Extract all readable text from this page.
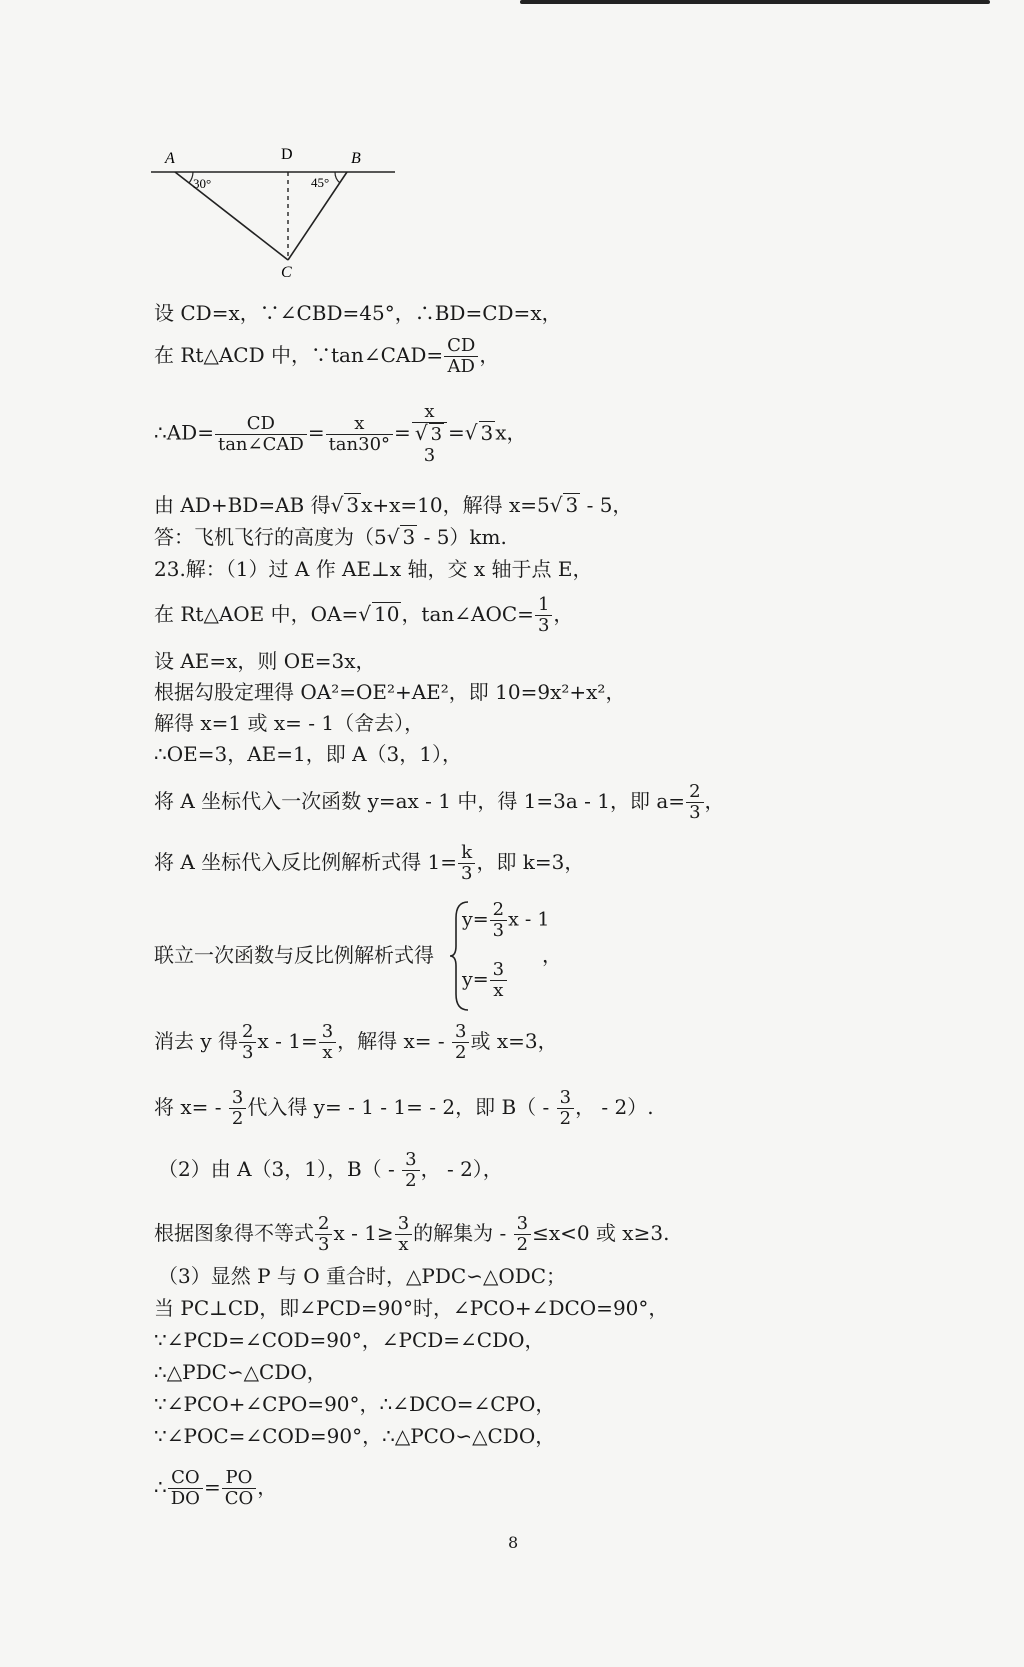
A	D	B
C
30°	45°
设 CD=x，∵∠CBD=45°，∴BD=CD=x，
在 Rt△ACD 中，∵tan∠CAD= $\frac{CD}{AD}$ ，
∴AD= $\frac{CD}{\text{tan∠CAD}} = \frac{x}{\tan 30^\circ}$ =
x
√ 3
3
=√ 3 x，
由 AD+BD=AB 得√ 3 x+x=10，解得 x=5√ 3 - 5，
答：飞机飞行的高度为（5√ 3 - 5）km.
23.解：（1）过 A 作 AE⊥x 轴，交 x 轴于点 E，
在 Rt△AOE 中，OA=√ 10 ，tan∠AOC= $\frac{1}{3}$ ，
设 AE=x，则 OE=3x，
根据勾股定理得 OA²=OE²+AE²，即 10=9x²+x²，
解得 x=1 或 x= - 1（舍去），
∴OE=3，AE=1，即 A（3，1），
将 A 坐标代入一次函数 y=ax - 1 中，得 1=3a - 1，即 $a= \frac{2}{3}$ ，
将 A 坐标代入反比例解析式得 $1= \frac{k}{3}$ ，即 k=3，
联立一次函数与反比例解析式得
$y= \frac{2}{3}$ x - 1
$y= \frac{3}{x}$
，
消去 y 得 $\frac{2}{3}$ $x - 1= \frac{3}{x}$ ，解得 $x= - \frac{3}{2}$ 或 x=3，
将 $x= - \frac{3}{2}$ 代入得 y= - 1 - 1= - 2，即 $B( - \frac{3}{2}$ ， - 2）.
（2）由 A（3，1），$B( - \frac{3}{2}$ ， - 2），
根据图象得不等式 $\frac{2}{3}$ $x - 1\ge \frac{3}{x}$ 的解集为 - $\frac{3}{2} \le x<0$ 或 x≥3.
（3）显然 P 与 O 重合时，△PDC∽△ODC；
当 PC⊥CD，即∠PCD=90°时，∠PCO+∠DCO=90°，
∵∠PCD=∠COD=90°，∠PCD=∠CDO，
∴△PDC∽△CDO，
∵∠PCO+∠CPO=90°，∴∠DCO=∠CPO，
∵∠POC=∠COD=90°，∴△PCO∽△CDO，
∴ $\frac{CO}{DO} = \frac{PO}{CO}$ ，
8
